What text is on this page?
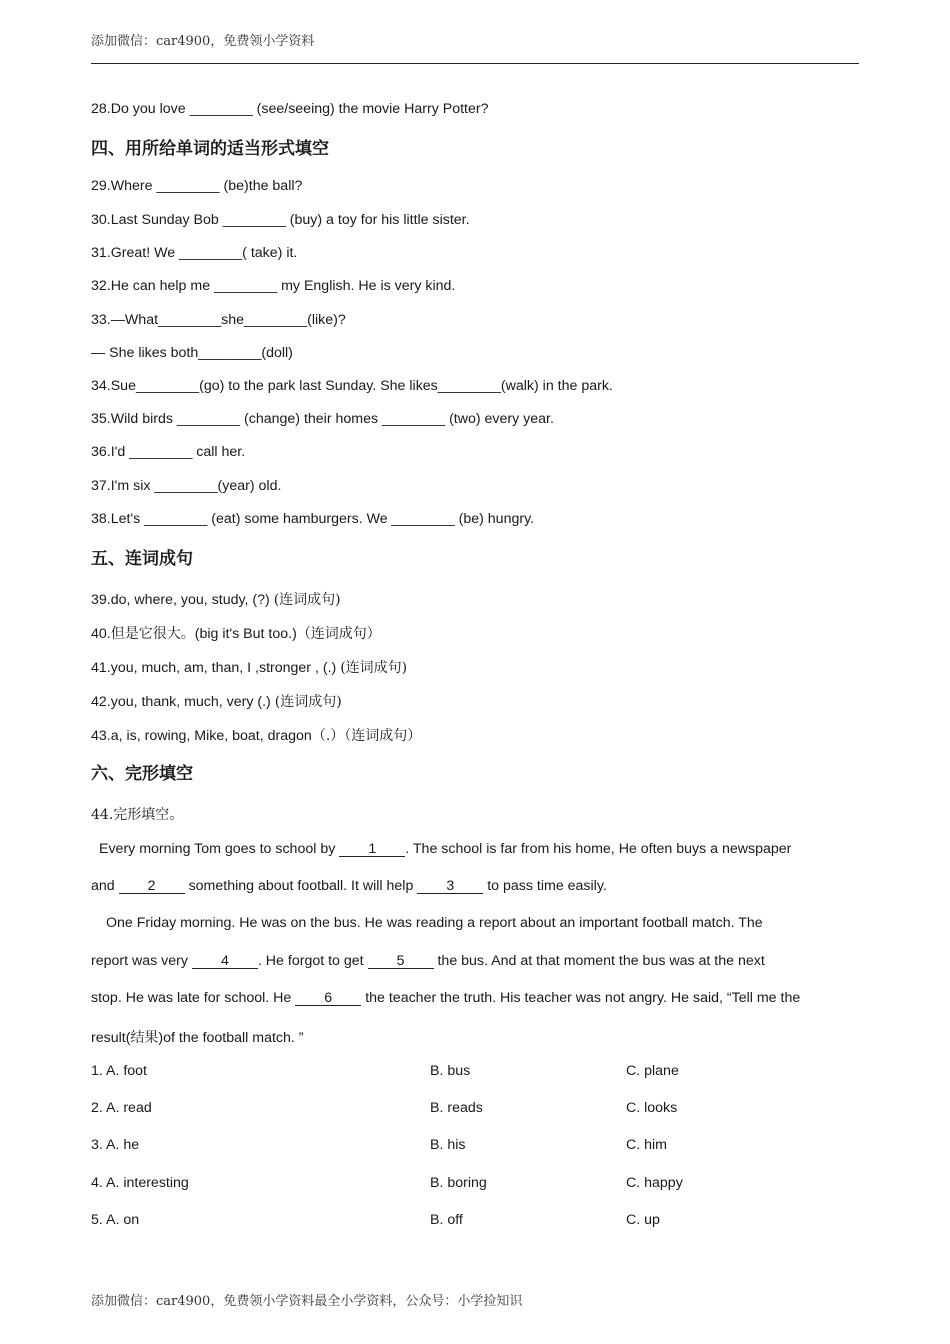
添加微信：car4900，免费领小学资料
28.Do you love ________ (see/seeing) the movie Harry Potter?
四、用所给单词的适当形式填空
29.Where ________ (be)the ball?
30.Last Sunday Bob ________ (buy) a toy for his little sister.
31.Great! We ________( take) it.
32.He can help me ________ my English. He is very kind.
33.—What________she________(like)?
— She likes both________(doll)
34.Sue________(go) to the park last Sunday. She likes________(walk) in the park.
35.Wild birds ________ (change) their homes ________ (two) every year.
36.I'd ________ call her.
37.I'm six ________(year) old.
38.Let's ________ (eat) some hamburgers. We ________ (be) hungry.
五、连词成句
39.do, where, you, study, (?) (连词成句)
40.但是它很大。(big it's But too.)（连词成句）
41.you, much, am, than, I ,stronger , (.) (连词成句)
42.you, thank, much, very (.) (连词成句)
43.a, is, rowing, Mike, boat, dragon（.）（连词成句）
六、完形填空
44.完形填空。
Every morning Tom goes to school by 1 . The school is far from his home, He often buys a newspaper
and 2 something about football. It will help 3 to pass time easily.
One Friday morning. He was on the bus. He was reading a report about an important football match. The
report was very 4 . He forgot to get 5 the bus. And at that moment the bus was at the next
stop. He was late for school. He 6 the teacher the truth. His teacher was not angry. He said, “Tell me the
result(结果)of the football match. ”
1. A. foot	B. bus	C. plane
2. A. read	B. reads	C. looks
3. A. he	B. his	C. him
4. A. interesting	B. boring	C. happy
5. A. on	B. off	C. up
添加微信：car4900，免费领小学资料最全小学资料，公众号：小学捡知识
